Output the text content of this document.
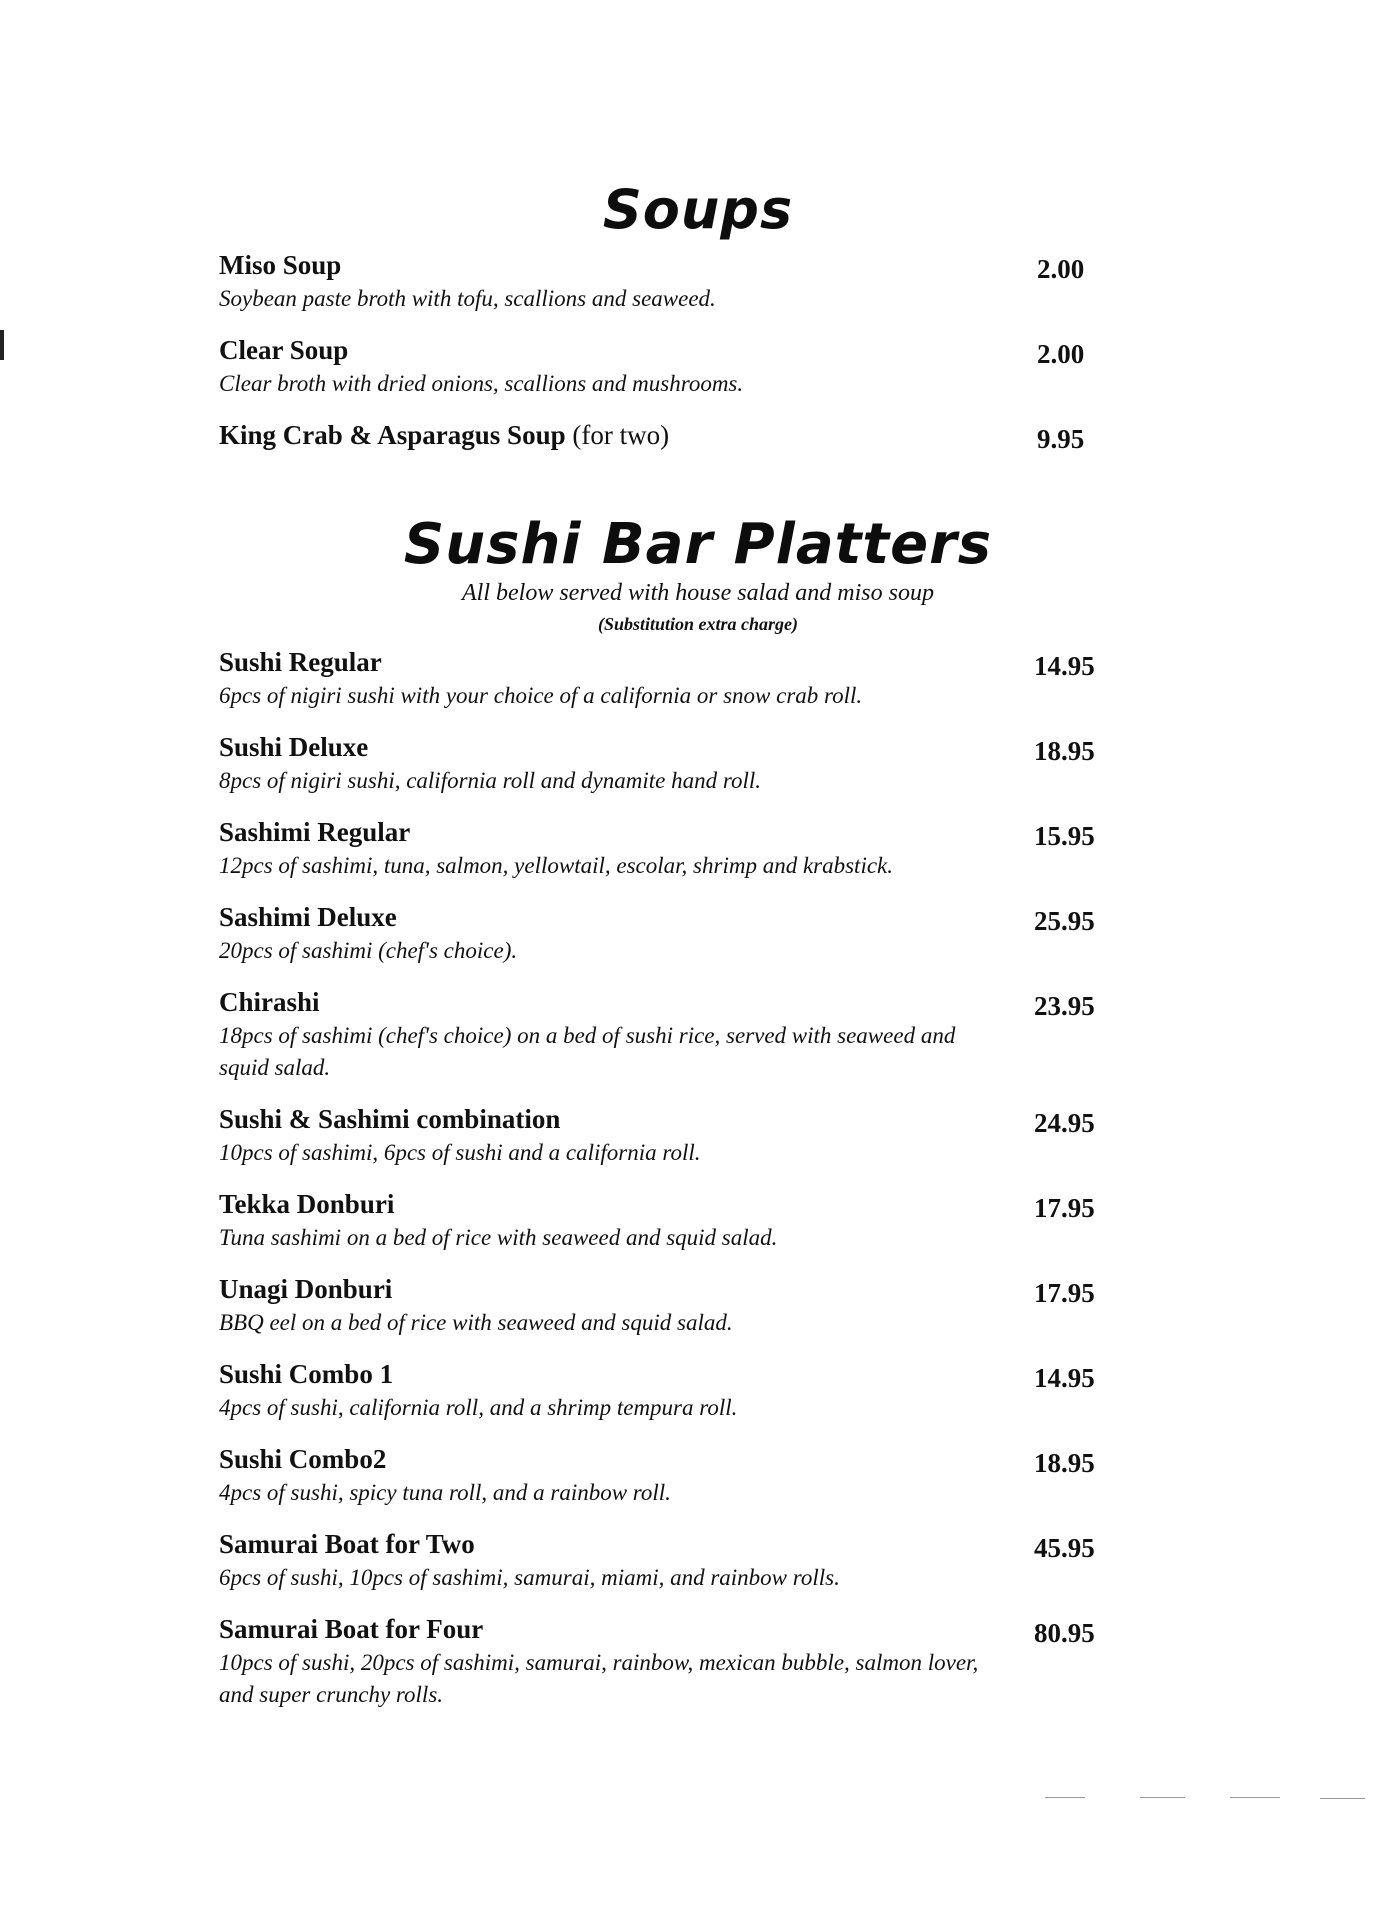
Soups
Miso Soup
Soybean paste broth with tofu, scallions and seaweed.
2.00
Clear Soup
Clear broth with dried onions, scallions and mushrooms.
2.00
King Crab & Asparagus Soup (for two)	9.95
Sushi Bar Platters
All below served with house salad and miso soup
(Substitution extra charge)
Sushi Regular
6pcs of nigiri sushi with your choice of a california or snow crab roll.
14.95
Sushi Deluxe
8pcs of nigiri sushi, california roll and dynamite hand roll.
18.95
Sashimi Regular
12pcs of sashimi, tuna, salmon, yellowtail, escolar, shrimp and krabstick.
15.95
Sashimi Deluxe
20pcs of sashimi (chef's choice).
25.95
Chirashi
18pcs of sashimi (chef's choice) on a bed of sushi rice, served with seaweed and squid salad.
23.95
Sushi & Sashimi combination
10pcs of sashimi, 6pcs of sushi and a california roll.
24.95
Tekka Donburi
Tuna sashimi on a bed of rice with seaweed and squid salad.
17.95
Unagi Donburi
BBQ eel on a bed of rice with seaweed and squid salad.
17.95
Sushi Combo 1
4pcs of sushi, california roll, and a shrimp tempura roll.
14.95
Sushi Combo2
4pcs of sushi, spicy tuna roll, and a rainbow roll.
18.95
Samurai Boat for Two
6pcs of sushi, 10pcs of sashimi, samurai, miami, and rainbow rolls.
45.95
Samurai Boat for Four
10pcs of sushi, 20pcs of sashimi, samurai, rainbow, mexican bubble, salmon lover, and super crunchy rolls.
80.95
